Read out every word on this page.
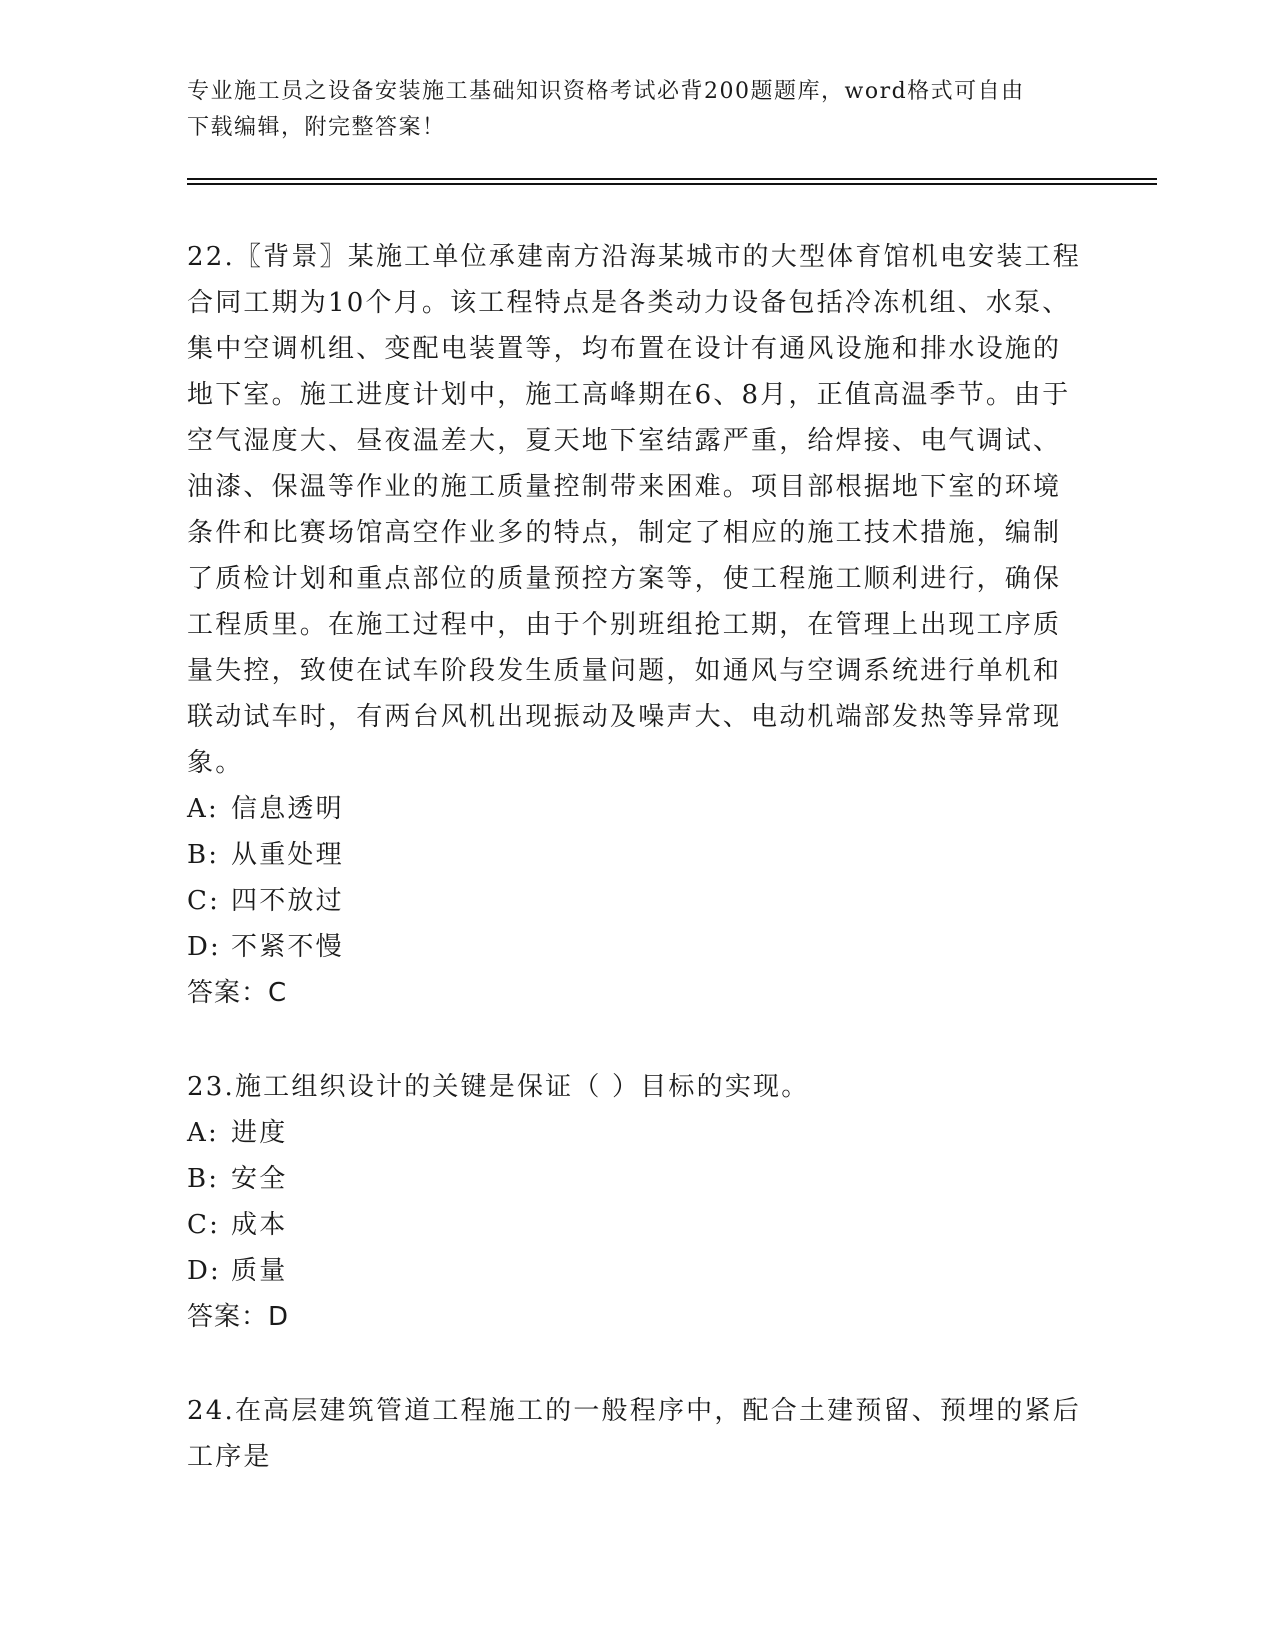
专业施工员之设备安装施工基础知识资格考试必背200题题库，word格式可自由
下载编辑，附完整答案！

22.〖背景〗某施工单位承建南方沿海某城市的大型体育馆机电安装工程合同工期为10个月。该工程特点是各类动力设备包括冷冻机组、水泵、集中空调机组、变配电装置等，均布置在设计有通风设施和排水设施的地下室。施工进度计划中，施工高峰期在6、8月，正值高温季节。由于空气湿度大、昼夜温差大，夏天地下室结露严重，给焊接、电气调试、油漆、保温等作业的施工质量控制带来困难。项目部根据地下室的环境条件和比赛场馆高空作业多的特点，制定了相应的施工技术措施，编制了质检计划和重点部位的质量预控方案等，使工程施工顺利进行，确保工程质里。在施工过程中，由于个别班组抢工期，在管理上出现工序质量失控，致使在试车阶段发生质量问题，如通风与空调系统进行单机和联动试车时，有两台风机出现振动及噪声大、电动机端部发热等异常现象。

A: 信息透明
B: 从重处理
C: 四不放过
D: 不紧不慢

答案：C

23.施工组织设计的关键是保证（ ）目标的实现。

A: 进度
B: 安全
C: 成本
D: 质量

答案：D

24.在高层建筑管道工程施工的一般程序中，配合土建预留、预埋的紧后工序是
